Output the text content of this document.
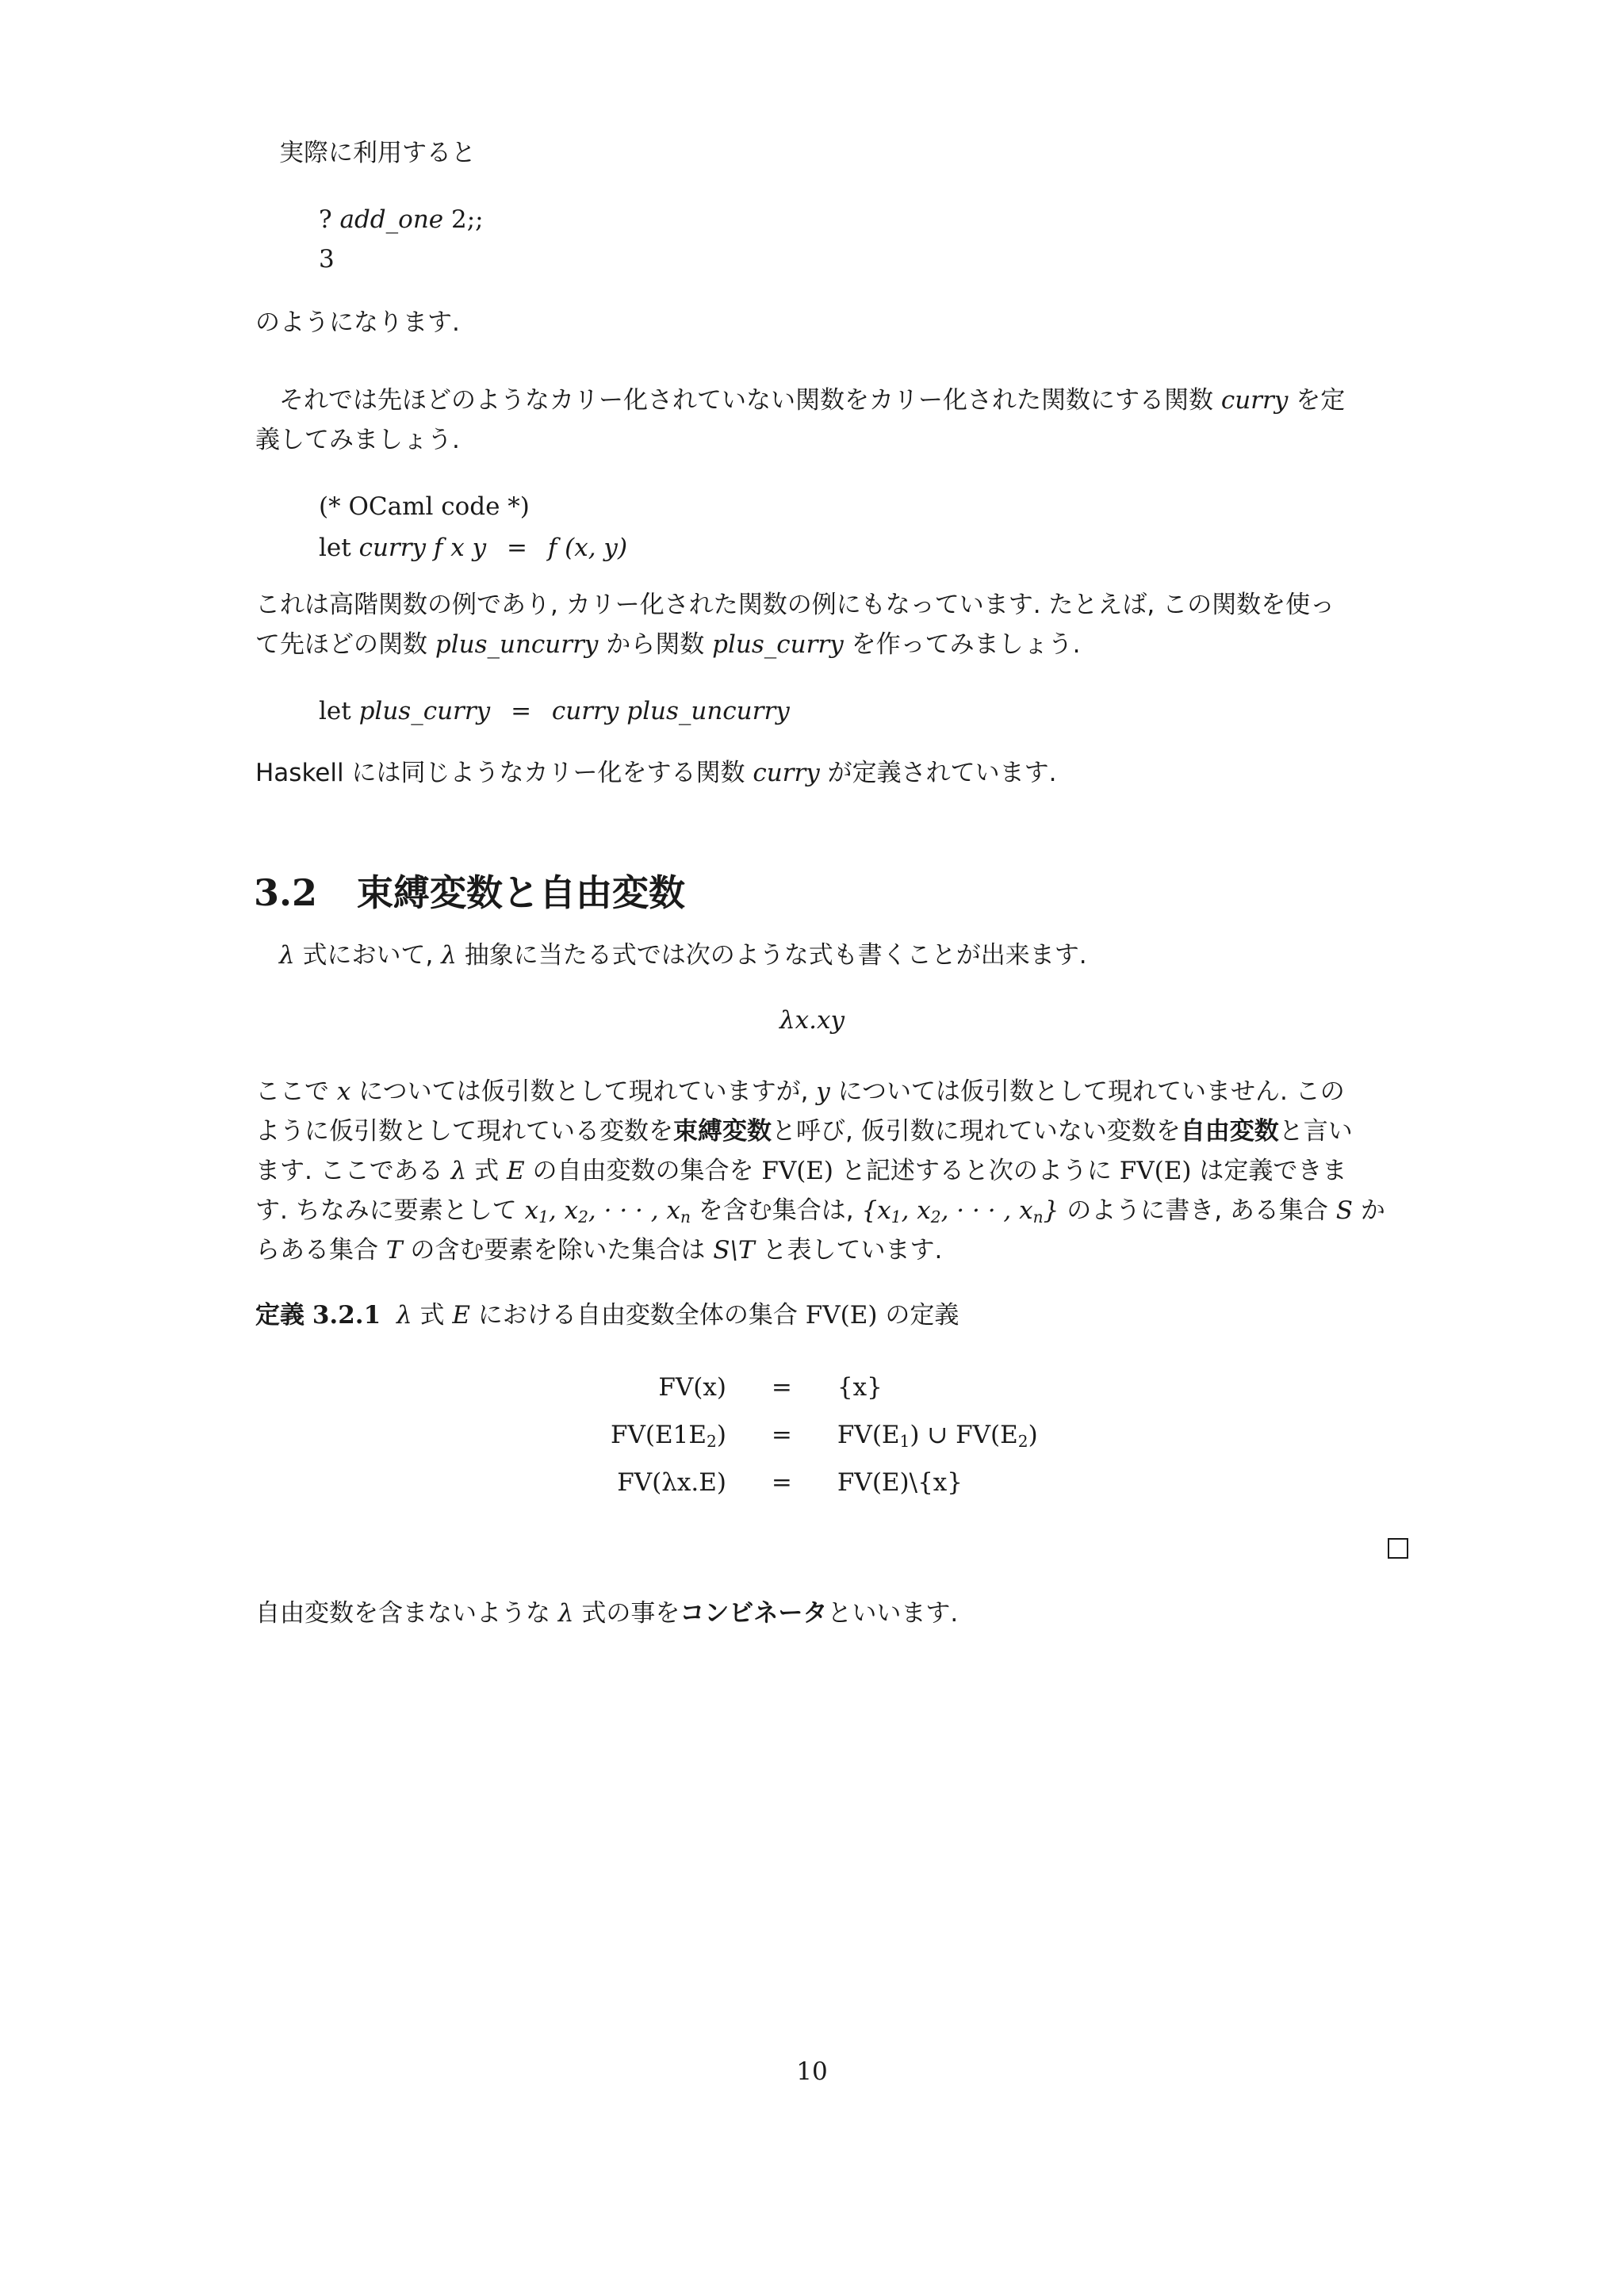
実際に利用すると
? add_one 2;;
3
のようになります.
それでは先ほどのようなカリー化されていない関数をカリー化された関数にする関数 curry を定
義してみましょう.
(* OCaml code *)
let curry f x y = f (x, y)
これは高階関数の例であり, カリー化された関数の例にもなっています. たとえば, この関数を使っ
て先ほどの関数 plus_uncurry から関数 plus_curry を作ってみましょう.
let plus_curry = curry plus_uncurry
Haskell には同じようなカリー化をする関数 curry が定義されています.
3.2 束縛変数と自由変数
λ 式において, λ 抽象に当たる式では次のような式も書くことが出来ます.
λx.xy
ここで x については仮引数として現れていますが, y については仮引数として現れていません. この
ように仮引数として現れている変数を束縛変数と呼び, 仮引数に現れていない変数を自由変数と言い
ます. ここである λ 式 E の自由変数の集合を FV(E) と記述すると次のように FV(E) は定義できま
す. ちなみに要素として $x_1$, $x_2$, · · · , $x_n$ を含む集合は, {$x_1$, $x_2$, · · · , $x_n$} のように書き, ある集合 S か
らある集合 T の含む要素を除いた集合は S\T と表しています.
定義 3.2.1 λ 式 E における自由変数全体の集合 FV(E) の定義
FV(x)	=	{x}
$FV(E1E_2)$	=	$FV(E_1)$ ∪ $FV(E_2)$
FV(λx.E)	=	FV(E)\{x}
自由変数を含まないような λ 式の事をコンビネータといいます.
10
